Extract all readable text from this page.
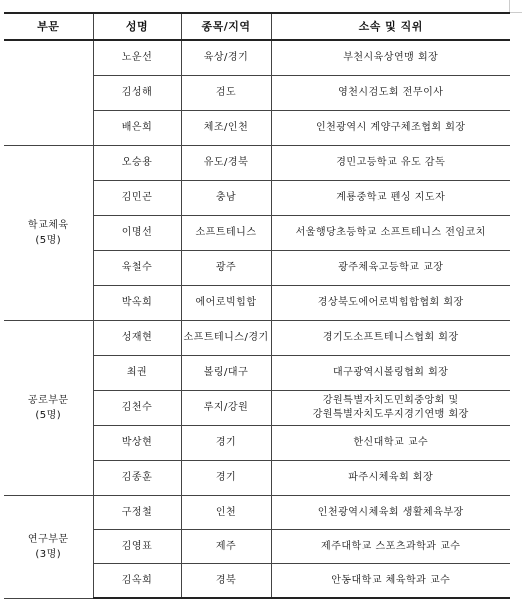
부문	성명	종목/지역	소속 및 직위
	노운선	육상/경기	부천시육상연맹 회장
	김성해	검도	영천시검도회 전무이사
	배은희	체조/인천	인천광역시 계양구체조협회 회장

학교체육
(5명)	오승용	유도/경북	경민고등학교 유도 감독
	김민곤	충남	계룡중학교 펜싱 지도자
	이명선	소프트테니스	서울행당초등학교 소프트테니스 전임코치
	육철수	광주	광주체육고등학교 교장
	박옥희	에어로빅힙합	경상북도에어로빅힙합협회 회장

공로부문
(5명)	성재현	소프트테니스/경기	경기도소프트테니스협회 회장
	최권	볼링/대구	대구광역시볼링협회 회장
	김천수	루지/강원	강원특별자치도민회중앙회 및
강원특별자치도루지경기연맹 회장

	박상현	경기	한신대학교 교수
	김종훈	경기	파주시체육회 회장

연구부문
(3명)	구정철	인천	인천광역시체육회 생활체육부장
	김영표	제주	제주대학교 스포츠과학과 교수
	김옥희	경북	안동대학교 체육학과 교수
